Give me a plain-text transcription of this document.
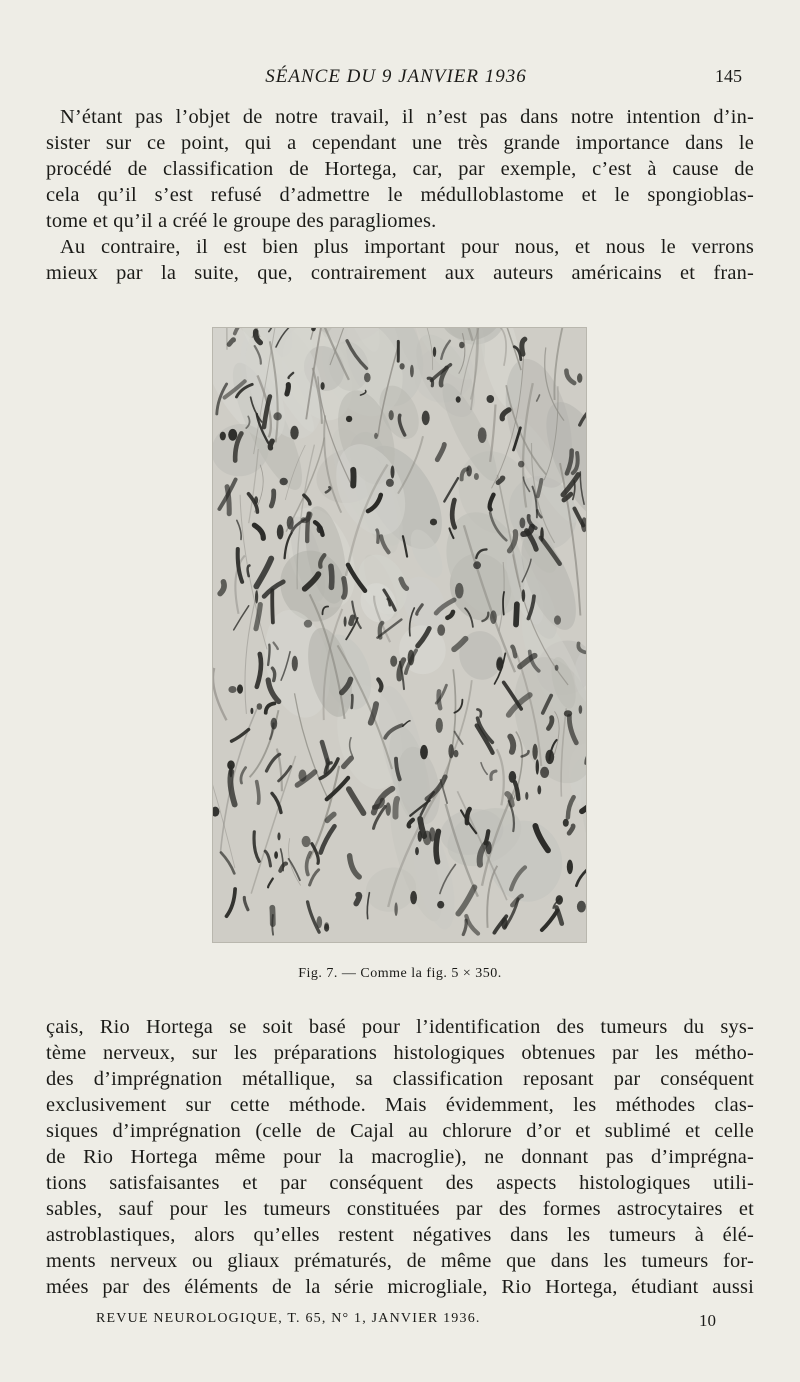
SÉANCE DU 9 JANVIER 1936	145
N’étant pas l’objet de notre travail, il n’est pas dans notre intention d’in-
sister sur ce point, qui a cependant une très grande importance dans le
procédé de classification de Hortega, car, par exemple, c’est à cause de
cela qu’il s’est refusé d’admettre le médulloblastome et le spongioblas-
tome et qu’il a créé le groupe des paragliomes.
Au contraire, il est bien plus important pour nous, et nous le verrons
mieux par la suite, que, contrairement aux auteurs américains et fran-
Fig. 7. — Comme la fig. 5 × 350.
çais, Rio Hortega se soit basé pour l’identification des tumeurs du sys-
tème nerveux, sur les préparations histologiques obtenues par les métho-
des d’imprégnation métallique, sa classification reposant par conséquent
exclusivement sur cette méthode. Mais évidemment, les méthodes clas-
siques d’imprégnation (celle de Cajal au chlorure d’or et sublimé et celle
de Rio Hortega même pour la macroglie), ne donnant pas d’imprégna-
tions satisfaisantes et par conséquent des aspects histologiques utili-
sables, sauf pour les tumeurs constituées par des formes astrocytaires et
astroblastiques, alors qu’elles restent négatives dans les tumeurs à élé-
ments nerveux ou gliaux prématurés, de même que dans les tumeurs for-
mées par des éléments de la série microgliale, Rio Hortega, étudiant aussi
REVUE NEUROLOGIQUE, T. 65, N° 1, JANVIER 1936.	10
